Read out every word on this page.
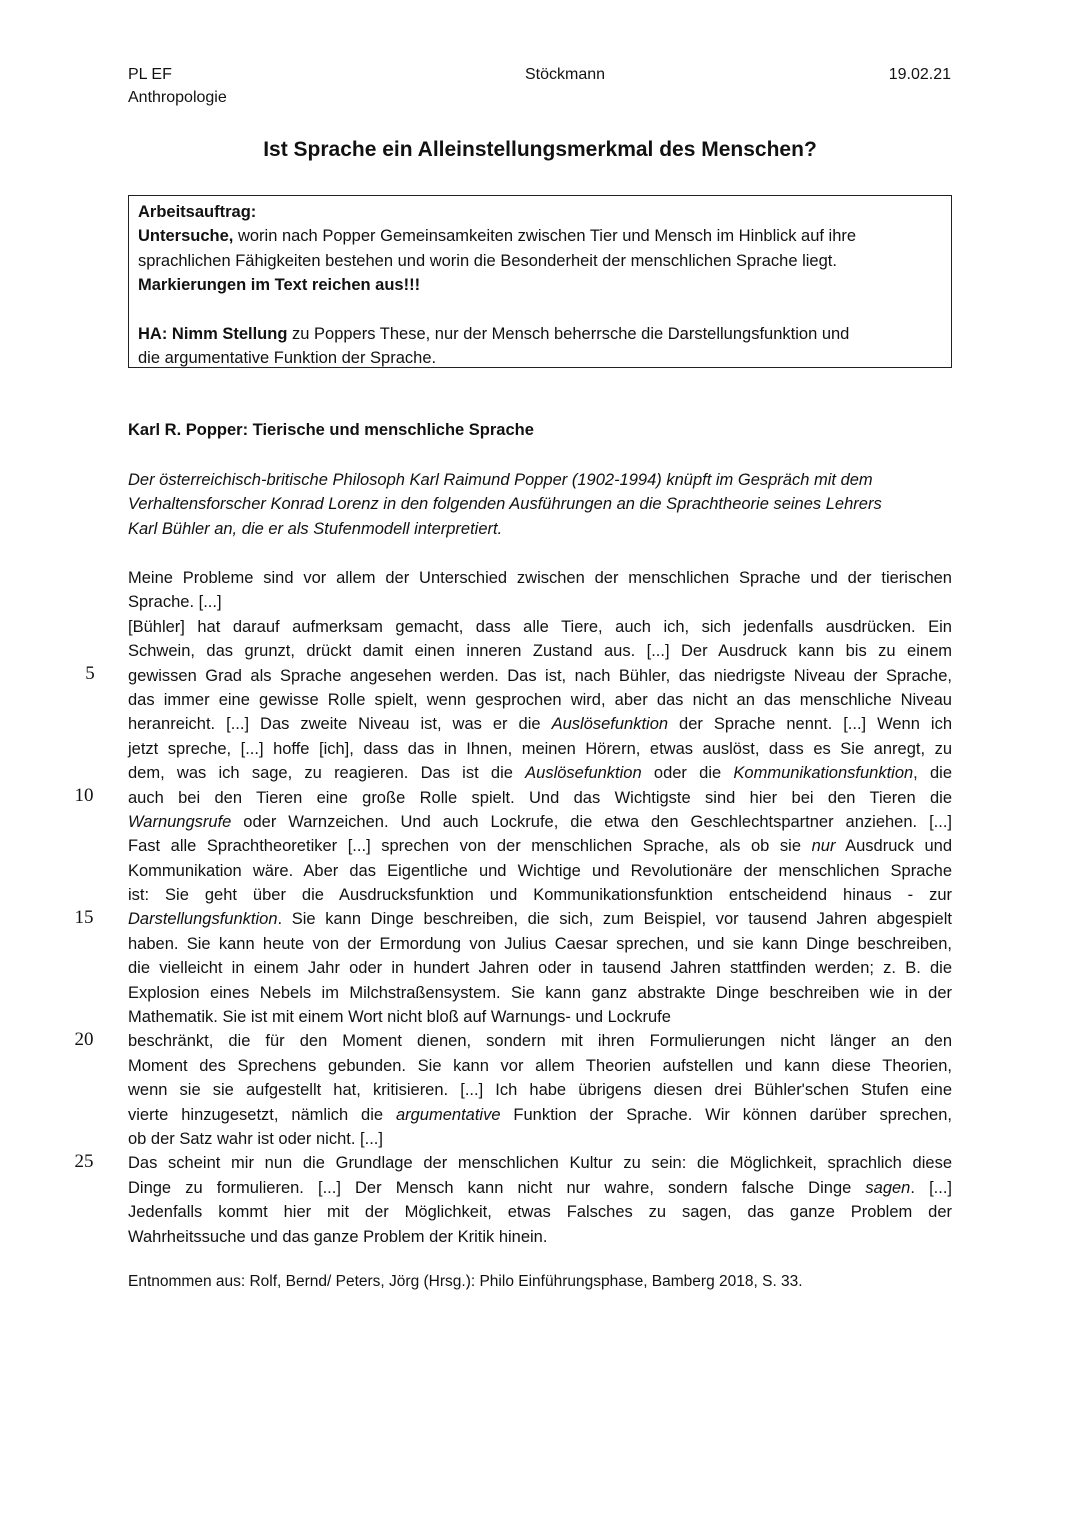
PL EF
Anthropologie
Stöckmann	19.02.21
Ist Sprache ein Alleinstellungsmerkmal des Menschen?

Arbeitsauftrag:

Untersuche, worin nach Popper Gemeinsamkeiten zwischen Tier und Mensch im Hinblick auf ihre

sprachlichen Fähigkeiten bestehen und worin die Besonderheit der menschlichen Sprache liegt.

Markierungen im Text reichen aus!!!

HA: Nimm Stellung zu Poppers These, nur der Mensch beherrsche die Darstellungsfunktion und

die argumentative Funktion der Sprache.

Karl R. Popper: Tierische und menschliche Sprache
Der österreichisch-britische Philosoph Karl Raimund Popper (1902-1994) knüpft im Gespräch mit dem
Verhaltensforscher Konrad Lorenz in den folgenden Ausführungen an die Sprachtheorie seines Lehrers
Karl Bühler an, die er als Stufenmodell interpretiert.
5
10
15
20
25
Meine Probleme sind vor allem der Unterschied zwischen der menschlichen Sprache und der tierischen
Sprache. [...]
[Bühler] hat darauf aufmerksam gemacht, dass alle Tiere, auch ich, sich jedenfalls ausdrücken. Ein
Schwein, das grunzt, drückt damit einen inneren Zustand aus. [...] Der Ausdruck kann bis zu einem
gewissen Grad als Sprache angesehen werden. Das ist, nach Bühler, das niedrigste Niveau der Sprache,
das immer eine gewisse Rolle spielt, wenn gesprochen wird, aber das nicht an das menschliche Niveau
heranreicht. [...] Das zweite Niveau ist, was er die Auslösefunktion der Sprache nennt. [...] Wenn ich
jetzt spreche, [...] hoffe [ich], dass das in Ihnen, meinen Hörern, etwas auslöst, dass es Sie anregt, zu
dem, was ich sage, zu reagieren. Das ist die Auslösefunktion oder die Kommunikationsfunktion, die
auch bei den Tieren eine große Rolle spielt. Und das Wichtigste sind hier bei den Tieren die
Warnungsrufe oder Warnzeichen. Und auch Lockrufe, die etwa den Geschlechtspartner anziehen. [...]
Fast alle Sprachtheoretiker [...] sprechen von der menschlichen Sprache, als ob sie nur Ausdruck und
Kommunikation wäre. Aber das Eigentliche und Wichtige und Revolutionäre der menschlichen Sprache
ist: Sie geht über die Ausdrucksfunktion und Kommunikationsfunktion entscheidend hinaus - zur
Darstellungsfunktion. Sie kann Dinge beschreiben, die sich, zum Beispiel, vor tausend Jahren abgespielt
haben. Sie kann heute von der Ermordung von Julius Caesar sprechen, und sie kann Dinge beschreiben,
die vielleicht in einem Jahr oder in hundert Jahren oder in tausend Jahren stattfinden werden; z. B. die
Explosion eines Nebels im Milchstraßensystem. Sie kann ganz abstrakte Dinge beschreiben wie in der
Mathematik. Sie ist mit einem Wort nicht bloß auf Warnungs- und Lockrufe
beschränkt, die für den Moment dienen, sondern mit ihren Formulierungen nicht länger an den
Moment des Sprechens gebunden. Sie kann vor allem Theorien aufstellen und kann diese Theorien,
wenn sie sie aufgestellt hat, kritisieren. [...] Ich habe übrigens diesen drei Bühler'schen Stufen eine
vierte hinzugesetzt, nämlich die argumentative Funktion der Sprache. Wir können darüber sprechen,
ob der Satz wahr ist oder nicht. [...]
Das scheint mir nun die Grundlage der menschlichen Kultur zu sein: die Möglichkeit, sprachlich diese
Dinge zu formulieren. [...] Der Mensch kann nicht nur wahre, sondern falsche Dinge sagen. [...]
Jedenfalls kommt hier mit der Möglichkeit, etwas Falsches zu sagen, das ganze Problem der
Wahrheitssuche und das ganze Problem der Kritik hinein.
Entnommen aus: Rolf, Bernd/ Peters, Jörg (Hrsg.): Philo Einführungsphase, Bamberg 2018, S. 33.
